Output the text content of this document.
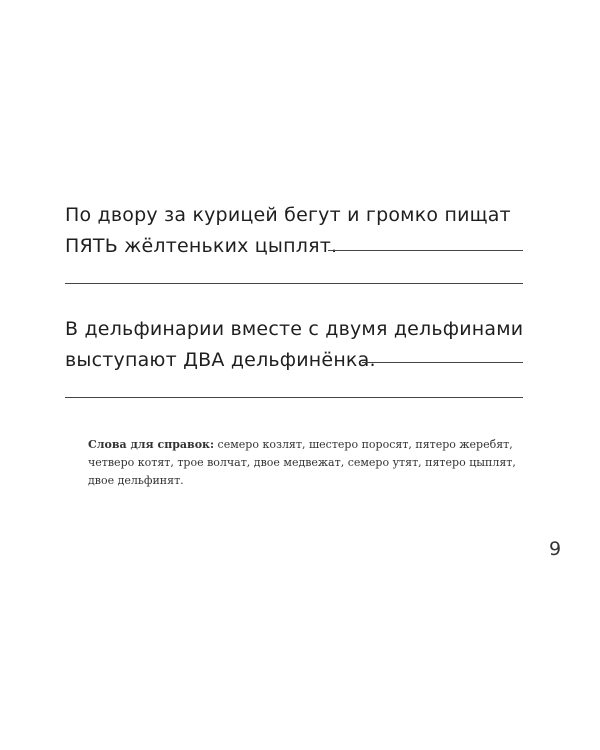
По двору за курицей бегут и громко пищат
ПЯТЬ жёлтеньких цыплят.
В дельфинарии вместе с двумя дельфинами
выступают ДВА дельфинёнка.
Слова для справок: семеро козлят, шестеро поросят, пятеро жеребят, четверо котят, трое волчат, двое медвежат, семеро утят, пятеро цыплят, двое дельфинят.
9
